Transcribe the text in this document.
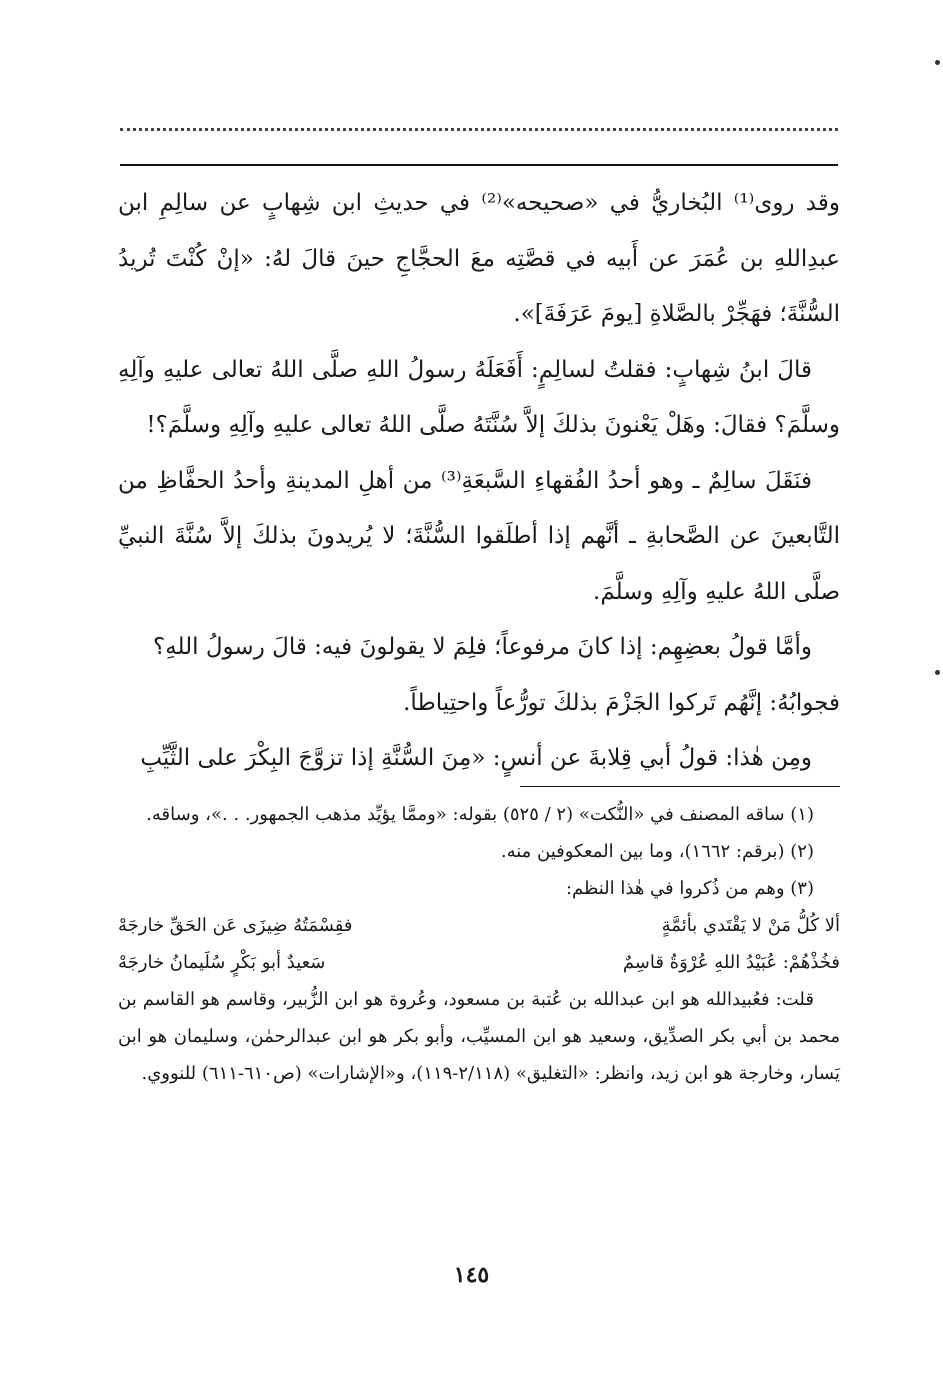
وقد روى⁽¹⁾ البُخاريُّ في «صحيحه»⁽²⁾ في حديثِ ابن شِهابٍ عن سالِمِ ابن عبدِاللهِ بن عُمَرَ عن أَبيه في قصَّتِه معَ الحجَّاجِ حينَ قالَ لهُ: «إنْ كُنْتَ تُريدُ السُّنَّةَ؛ فهَجِّرْ بالصَّلاةِ [يومَ عَرَفَةَ]».

قالَ ابنُ شِهابٍ: فقلتُ لسالِمٍ: أَفَعَلَهُ رسولُ اللهِ صلَّى اللهُ تعالى عليهِ وآلِهِ وسلَّمَ؟ فقالَ: وهَلْ يَعْنونَ بذلكَ إلاَّ سُنَّتَهُ صلَّى اللهُ تعالى عليهِ وآلِهِ وسلَّمَ؟!

فنَقَلَ سالِمٌ ـ وهو أحدُ الفُقهاءِ السَّبعَةِ⁽³⁾ من أهلِ المدينةِ وأحدُ الحفَّاظِ من التَّابعينَ عن الصَّحابةِ ـ أنَّهم إذا أطلَقوا السُّنَّةَ؛ لا يُريدونَ بذلكَ إلاَّ سُنَّةَ النبيِّ صلَّى اللهُ عليهِ وآلِهِ وسلَّمَ.

وأمَّا قولُ بعضِهِم: إذا كانَ مرفوعاً؛ فلِمَ لا يقولونَ فيه: قالَ رسولُ اللهِ؟

فجوابُهُ: إنَّهُم تَركوا الجَزْمَ بذلكَ تورُّعاً واحتِياطاً.

ومِن هٰذا: قولُ أبي قِلابةَ عن أنسٍ: «مِنَ السُّنَّةِ إذا تزوَّجَ البِكْرَ على الثَّيِّبِ

(١) ساقه المصنف في «النُّكت» (٢ / ٥٢٥) بقوله: «وممَّا يؤيِّد مذهب الجمهور. . .»، وساقه.

(٢) (برقم: ١٦٦٢)، وما بين المعكوفين منه.

(٣) وهم من ذُكروا في هٰذا النظم:

ألا كُلُّ مَنْ لا يَقْتَدي بأئمَّةٍ
فقِسْمَتُهُ ضِيزَى عَن الحَقِّ خارجَهْ
فخُذْهُمْ: عُبَيْدُ اللهِ عُرْوَةُ قاسِمٌ
سَعيدٌ أبو بَكْرٍ سُلَيمانُ خارجَهْ

قلت: فعُبيدالله هو ابن عبدالله بن عُتبة بن مسعود، وعُروة هو ابن الزُّبير، وقاسم هو القاسم بن محمد بن أبي بكر الصدِّيق، وسعيد هو ابن المسيِّب، وأبو بكر هو ابن عبدالرحمٰن، وسليمان هو ابن يَسار، وخارجة هو ابن زيد، وانظر: «التغليق» (٢/١١٨-١١٩)، و«الإشارات» (ص٦١٠-٦١١) للنووي.

١٤٥
